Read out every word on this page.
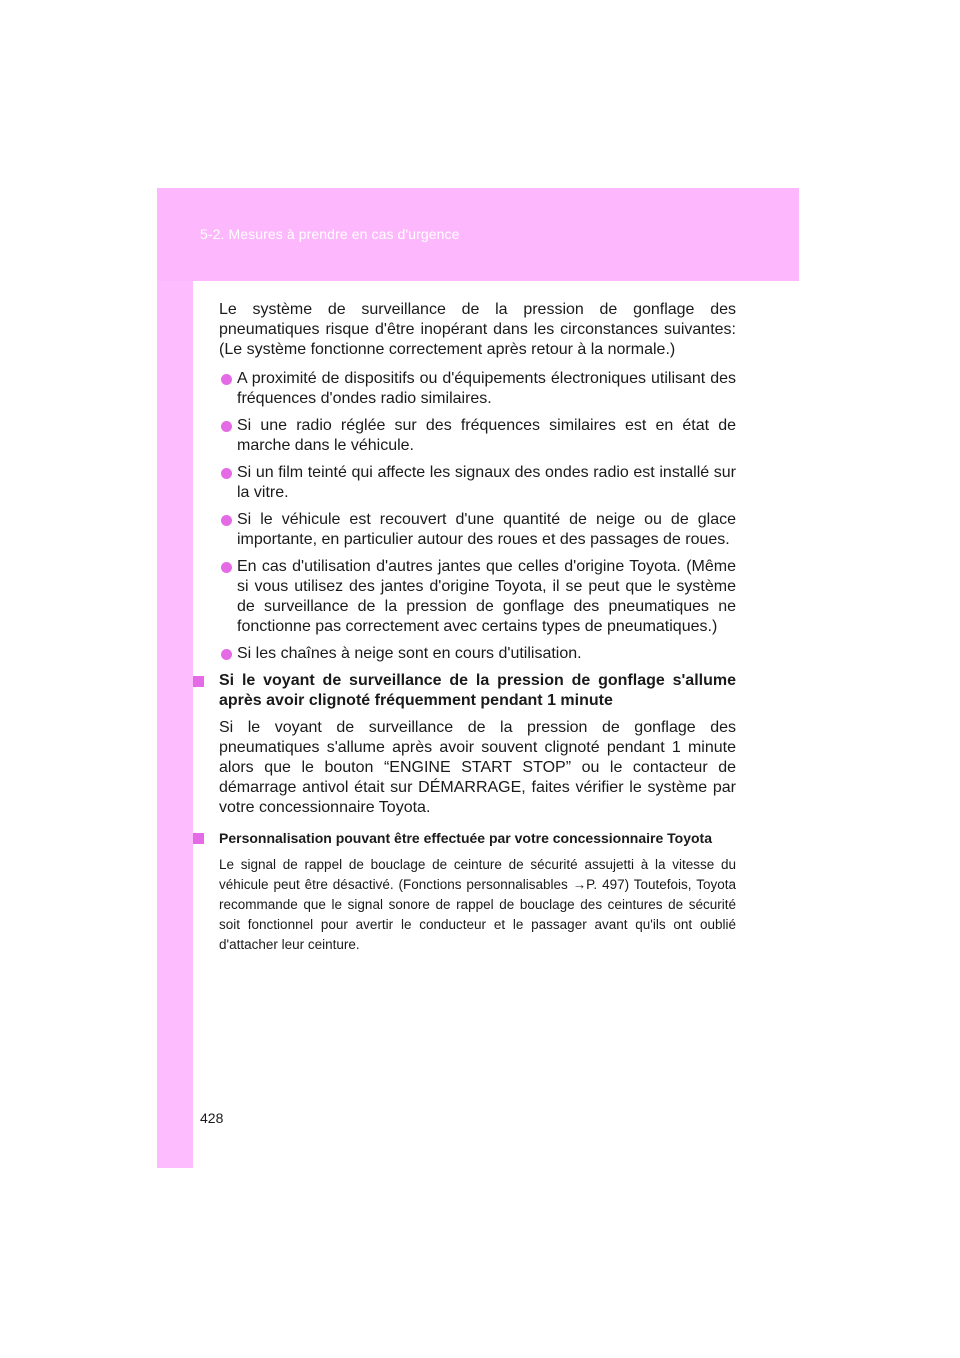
5-2. Mesures à prendre en cas d'urgence

Le système de surveillance de la pression de gonflage des pneumatiques risque d'être inopérant dans les circonstances suivantes: (Le système fonctionne correctement après retour à la normale.)

A proximité de dispositifs ou d'équipements électroniques utilisant des fréquences d'ondes radio similaires.
Si une radio réglée sur des fréquences similaires est en état de marche dans le véhicule.
Si un film teinté qui affecte les signaux des ondes radio est installé sur la vitre.
Si le véhicule est recouvert d'une quantité de neige ou de glace importante, en particulier autour des roues et des passages de roues.
En cas d'utilisation d'autres jantes que celles d'origine Toyota. (Même si vous utilisez des jantes d'origine Toyota, il se peut que le système de surveillance de la pression de gonflage des pneumatiques ne fonctionne pas correctement avec certains types de pneumatiques.)
Si les chaînes à neige sont en cours d'utilisation.
Si le voyant de surveillance de la pression de gonflage s'allume après avoir clignoté fréquemment pendant 1 minute

Si le voyant de surveillance de la pression de gonflage des pneumatiques s'allume après avoir souvent clignoté pendant 1 minute alors que le bouton “ENGINE START STOP” ou le contacteur de démarrage antivol était sur DÉMARRAGE, faites vérifier le système par votre concessionnaire Toyota.

Personnalisation pouvant être effectuée par votre concessionnaire Toyota

Le signal de rappel de bouclage de ceinture de sécurité assujetti à la vitesse du véhicule peut être désactivé. (Fonctions personnalisables →P. 497) Toutefois, Toyota recommande que le signal sonore de rappel de bouclage des ceintures de sécurité soit fonctionnel pour avertir le conducteur et le passager avant qu'ils ont oublié d'attacher leur ceinture.

428
